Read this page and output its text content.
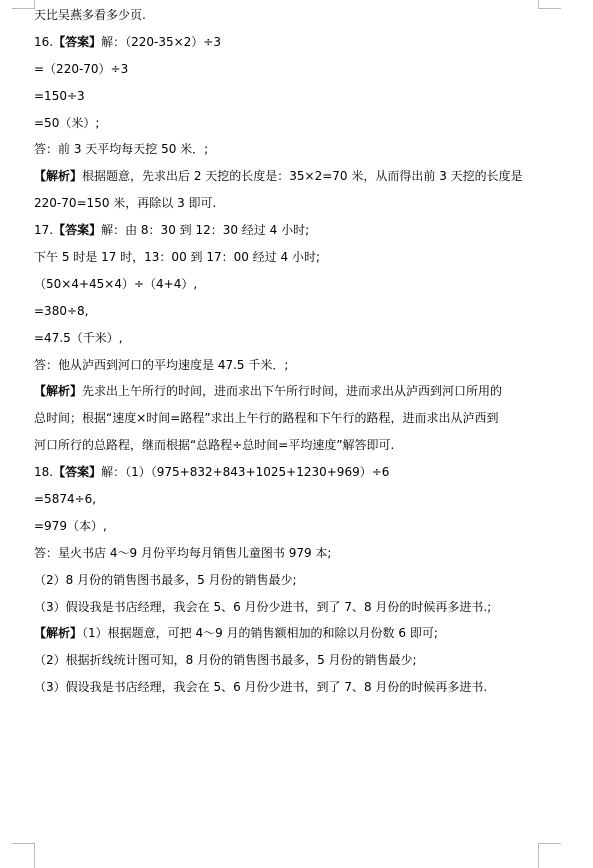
天比吴燕多看多少页.
16.【答案】解：（220-35×2）÷3
=（220-70）÷3
=150÷3
=50（米）;
答：前 3 天平均每天挖 50 米．;
【解析】根据题意，先求出后 2 天挖的长度是：35×2=70 米，从而得出前 3 天挖的长度是
220-70=150 米，再除以 3 即可.
17.【答案】解：由 8：30 到 12：30 经过 4 小时;
下午 5 时是 17 时，13：00 到 17：00 经过 4 小时;
（50×4+45×4）÷（4+4）,
=380÷8,
=47.5（千米）,
答：他从泸西到河口的平均速度是 47.5 千米．;
【解析】先求出上午所行的时间，进而求出下午所行时间，进而求出从泸西到河口所用的
总时间；根据“速度×时间=路程”求出上午行的路程和下午行的路程，进而求出从泸西到
河口所行的总路程，继而根据“总路程÷总时间=平均速度”解答即可.
18.【答案】解：（1）（975+832+843+1025+1230+969）÷6
=5874÷6,
=979（本）,
答：星火书店 4～9 月份平均每月销售儿童图书 979 本;
（2）8 月份的销售图书最多，5 月份的销售最少;
（3）假设我是书店经理，我会在 5、6 月份少进书，到了 7、8 月份的时候再多进书.;
【解析】（1）根据题意，可把 4～9 月的销售额相加的和除以月份数 6 即可;
（2）根据折线统计图可知，8 月份的销售图书最多，5 月份的销售最少;
（3）假设我是书店经理，我会在 5、6 月份少进书，到了 7、8 月份的时候再多进书.
